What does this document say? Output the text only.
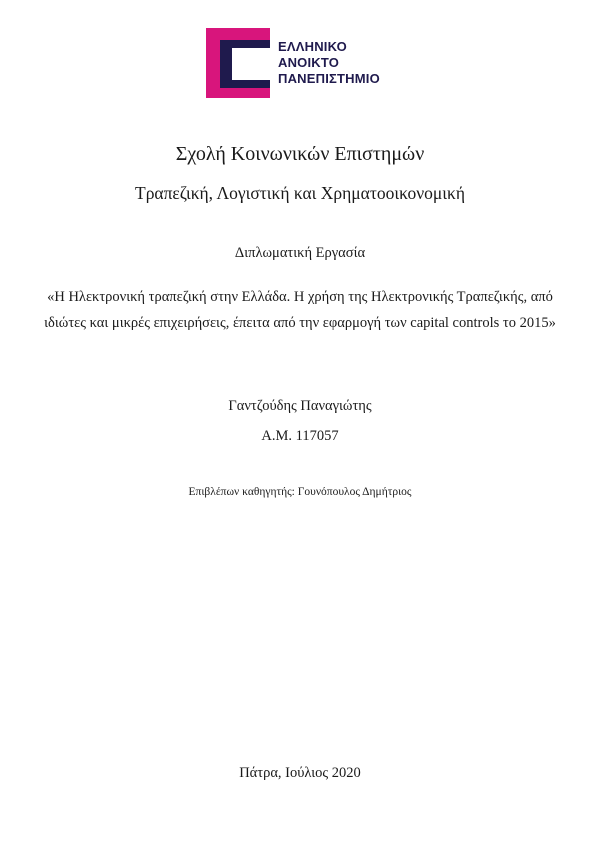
ΕΛΛΗΝΙΚΟ
ΑΝΟΙΚΤΟ
ΠΑΝΕΠΙΣΤΗΜΙΟ
Σχολή Κοινωνικών Επιστημών
Τραπεζική, Λογιστική και Χρηματοοικονομική
Διπλωματική Εργασία
«Η Ηλεκτρονική τραπεζική στην Ελλάδα. Η χρήση της Ηλεκτρονικής Τραπεζικής, από ιδιώτες και μικρές επιχειρήσεις, έπειτα από την εφαρμογή των capital controls το 2015»
Γαντζούδης Παναγιώτης
Α.Μ. 117057
Επιβλέπων καθηγητής: Γουνόπουλος Δημήτριος
Πάτρα, Ιούλιος 2020
